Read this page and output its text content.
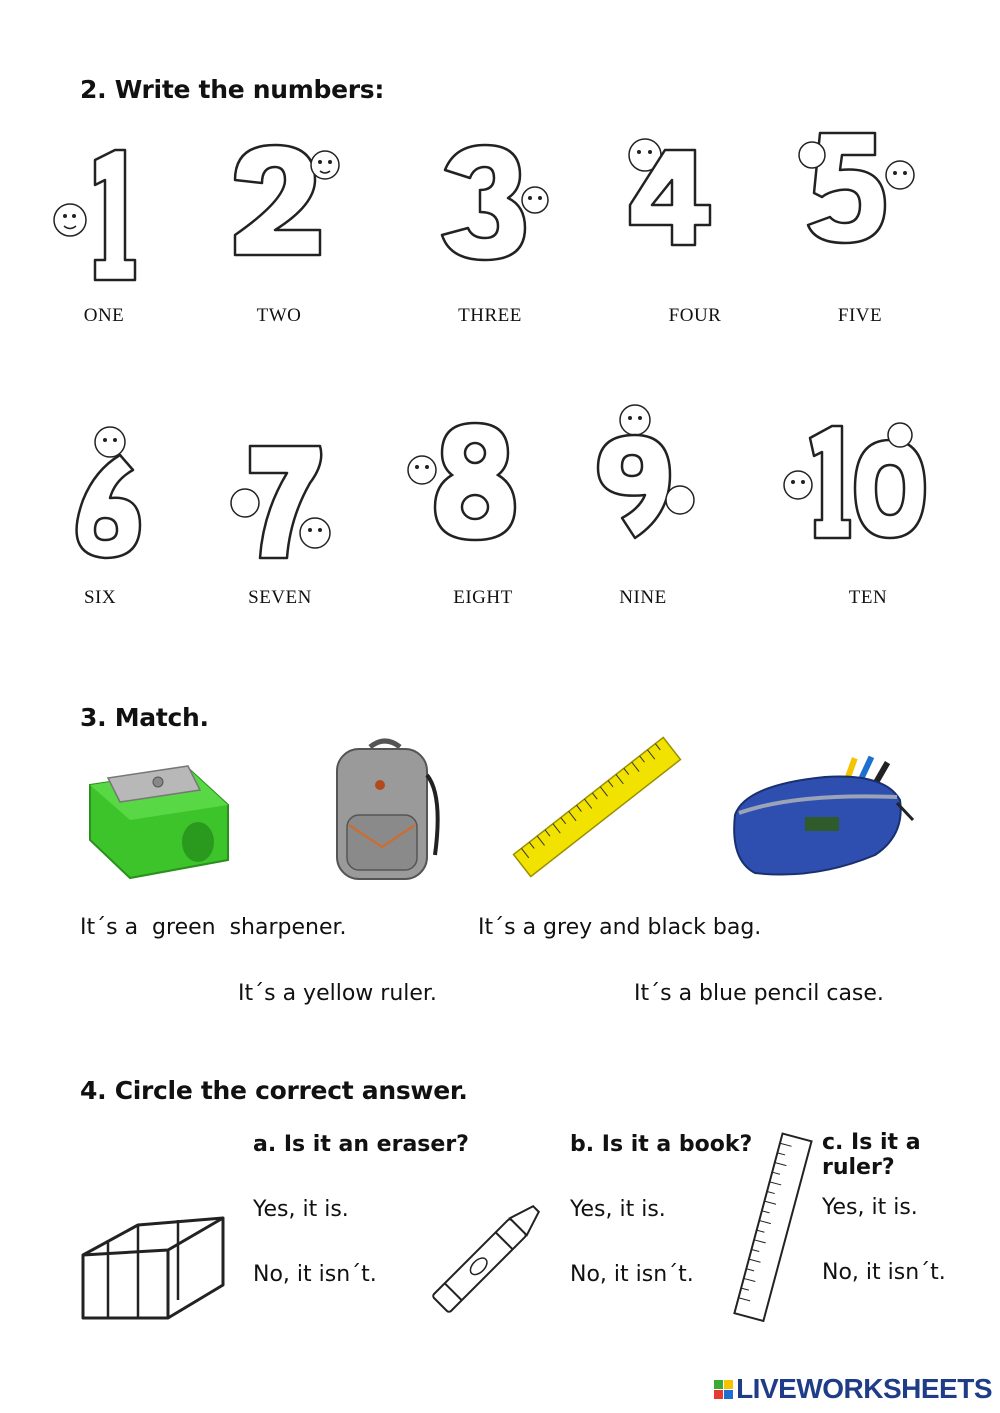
2. Write the numbers:
ONE	TWO	THREE	FOUR	FIVE
SIX	SEVEN	EIGHT	NINE	TEN
3. Match.
It´s a  green  sharpener.	It´s a grey and black bag.
It´s a yellow ruler.	It´s a blue pencil case.
4. Circle the correct answer.
a. Is it an eraser?
Yes, it is.
No, it isn´t.
b. Is it a book?
Yes, it is.
No, it isn´t.
c. Is it a ruler?
Yes, it is.
No, it isn´t.
LIVEWORKSHEETS
